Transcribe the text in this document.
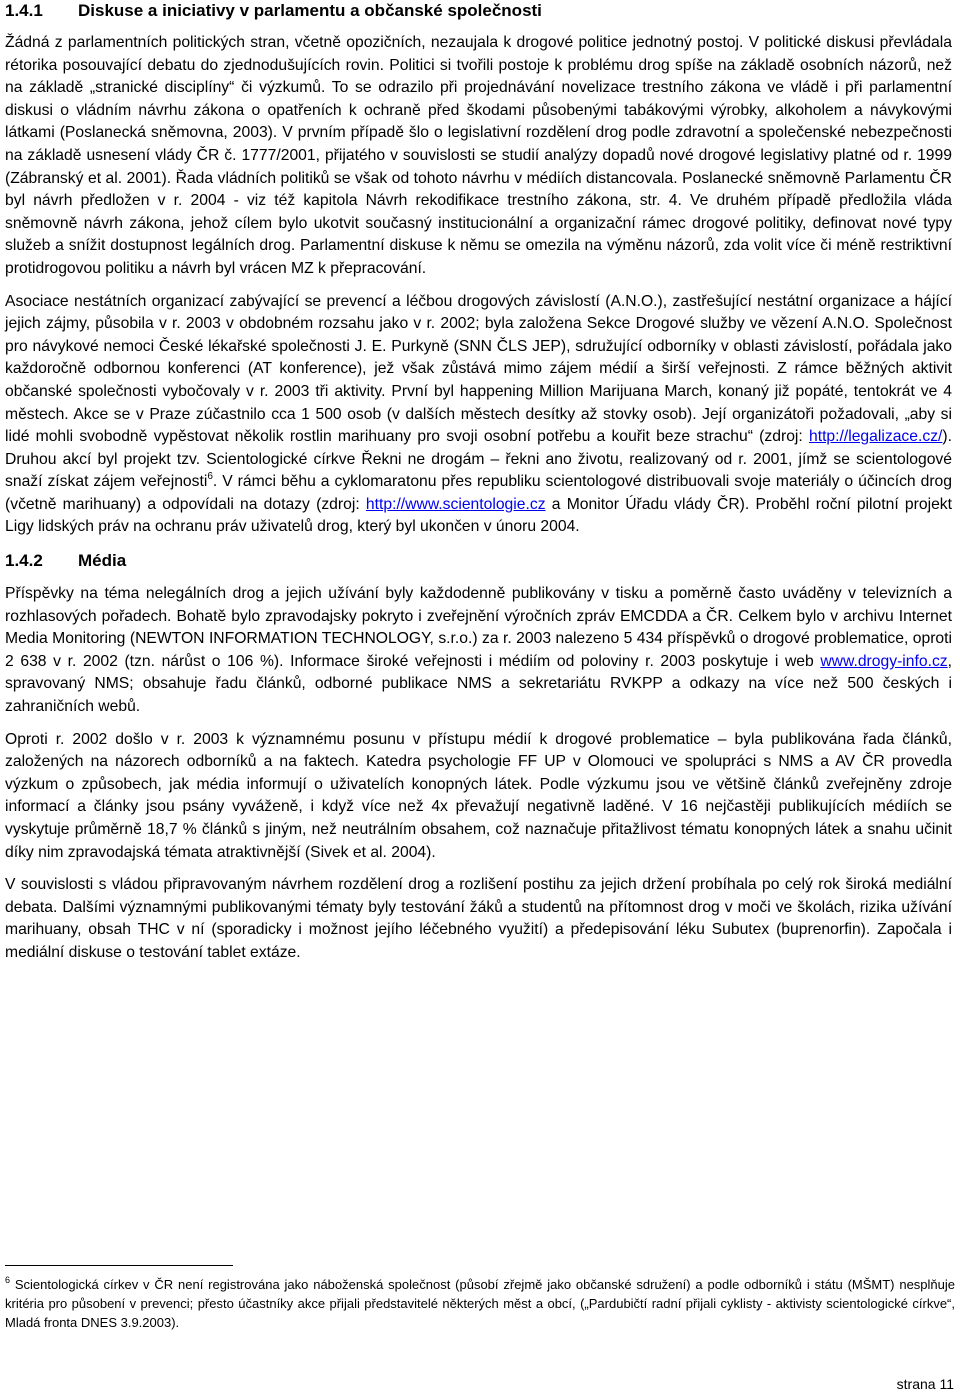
1.4.1	Diskuse a iniciativy v parlamentu a občanské společnosti

Žádná z parlamentních politických stran, včetně opozičních, nezaujala k drogové politice jednotný postoj. V politické diskusi převládala rétorika posouvající debatu do zjednodušujících rovin. Politici si tvořili postoje k problému drog spíše na základě osobních názorů, než na základě „stranické disciplíny“ či výzkumů. To se odrazilo při projednávání novelizace trestního zákona ve vládě i při parlamentní diskusi o vládním návrhu zákona o opatřeních k ochraně před škodami působenými tabákovými výrobky, alkoholem a návykovými látkami (Poslanecká sněmovna, 2003). V prvním případě šlo o legislativní rozdělení drog podle zdravotní a společenské nebezpečnosti na základě usnesení vlády ČR č. 1777/2001, přijatého v souvislosti se studií analýzy dopadů nové drogové legislativy platné od r. 1999 (Zábranský et al. 2001). Řada vládních politiků se však od tohoto návrhu v médiích distancovala. Poslanecké sněmovně Parlamentu ČR byl návrh předložen v r. 2004 - viz též kapitola Návrh rekodifikace trestního zákona, str. 4. Ve druhém případě předložila vláda sněmovně návrh zákona, jehož cílem bylo ukotvit současný institucionální a organizační rámec drogové politiky, definovat nové typy služeb a snížit dostupnost legálních drog. Parlamentní diskuse k němu se omezila na výměnu názorů, zda volit více či méně restriktivní protidrogovou politiku a návrh byl vrácen MZ k přepracování.

Asociace nestátních organizací zabývající se prevencí a léčbou drogových závislostí (A.N.O.), zastřešující nestátní organizace a hájící jejich zájmy, působila v r. 2003 v obdobném rozsahu jako v r. 2002; byla založena Sekce Drogové služby ve vězení A.N.O. Společnost pro návykové nemoci České lékařské společnosti J. E. Purkyně (SNN ČLS JEP), sdružující odborníky v oblasti závislostí, pořádala jako každoročně odbornou konferenci (AT konference), jež však zůstává mimo zájem médií a širší veřejnosti. Z rámce běžných aktivit občanské společnosti vybočovaly v r. 2003 tři aktivity. První byl happening Million Marijuana March, konaný již popáté, tentokrát ve 4 městech. Akce se v Praze zúčastnilo cca 1 500 osob (v dalších městech desítky až stovky osob). Její organizátoři požadovali, „aby si lidé mohli svobodně vypěstovat několik rostlin marihuany pro svoji osobní potřebu a kouřit beze strachu“ (zdroj: http://legalizace.cz/). Druhou akcí byl projekt tzv. Scientologické církve Řekni ne drogám – řekni ano životu, realizovaný od r. 2001, jímž se scientologové snaží získat zájem veřejnosti$^6$. V rámci běhu a cyklomaratonu přes republiku scientologové distribuovali svoje materiály o účincích drog (včetně marihuany) a odpovídali na dotazy (zdroj: http://www.scientologie.cz a Monitor Úřadu vlády ČR). Proběhl roční pilotní projekt Ligy lidských práv na ochranu práv uživatelů drog, který byl ukončen v únoru 2004.

1.4.2	Média

Příspěvky na téma nelegálních drog a jejich užívání byly každodenně publikovány v tisku a poměrně často uváděny v televizních a rozhlasových pořadech. Bohatě bylo zpravodajsky pokryto i zveřejnění výročních zpráv EMCDDA a ČR. Celkem bylo v archivu Internet Media Monitoring (NEWTON INFORMATION TECHNOLOGY, s.r.o.) za r. 2003 nalezeno 5 434 příspěvků o drogové problematice, oproti 2 638 v r. 2002 (tzn. nárůst o 106 %). Informace široké veřejnosti i médiím od poloviny r. 2003 poskytuje i web www.drogy-info.cz, spravovaný NMS; obsahuje řadu článků, odborné publikace NMS a sekretariátu RVKPP a odkazy na více než 500 českých i zahraničních webů.

Oproti r. 2002 došlo v r. 2003 k významnému posunu v přístupu médií k drogové problematice – byla publikována řada článků, založených na názorech odborníků a na faktech. Katedra psychologie FF UP v Olomouci ve spolupráci s NMS a AV ČR provedla výzkum o způsobech, jak média informují o uživatelích konopných látek. Podle výzkumu jsou ve většině článků zveřejněny zdroje informací a články jsou psány vyváženě, i když více než 4x převažují negativně laděné. V 16 nejčastěji publikujících médiích se vyskytuje průměrně 18,7 % článků s jiným, než neutrálním obsahem, což naznačuje přitažlivost tématu konopných látek a snahu učinit díky nim zpravodajská témata atraktivnější (Sivek et al. 2004).

V souvislosti s vládou připravovaným návrhem rozdělení drog a rozlišení postihu za jejich držení probíhala po celý rok široká mediální debata. Dalšími významnými publikovanými tématy byly testování žáků a studentů na přítomnost drog v moči ve školách, rizika užívání marihuany, obsah THC v ní (sporadicky i možnost jejího léčebného využití) a předepisování léku Subutex (buprenorfin). Započala i mediální diskuse o testování tablet extáze.

$^6$ Scientologická církev v ČR není registrována jako náboženská společnost (působí zřejmě jako občanské sdružení) a podle odborníků i státu (MŠMT) nesplňuje kritéria pro působení v prevenci; přesto účastníky akce přijali představitelé některých měst a obcí, („Pardubičtí radní přijali cyklisty - aktivisty scientologické církve“, Mladá fronta DNES 3.9.2003).
strana 11
